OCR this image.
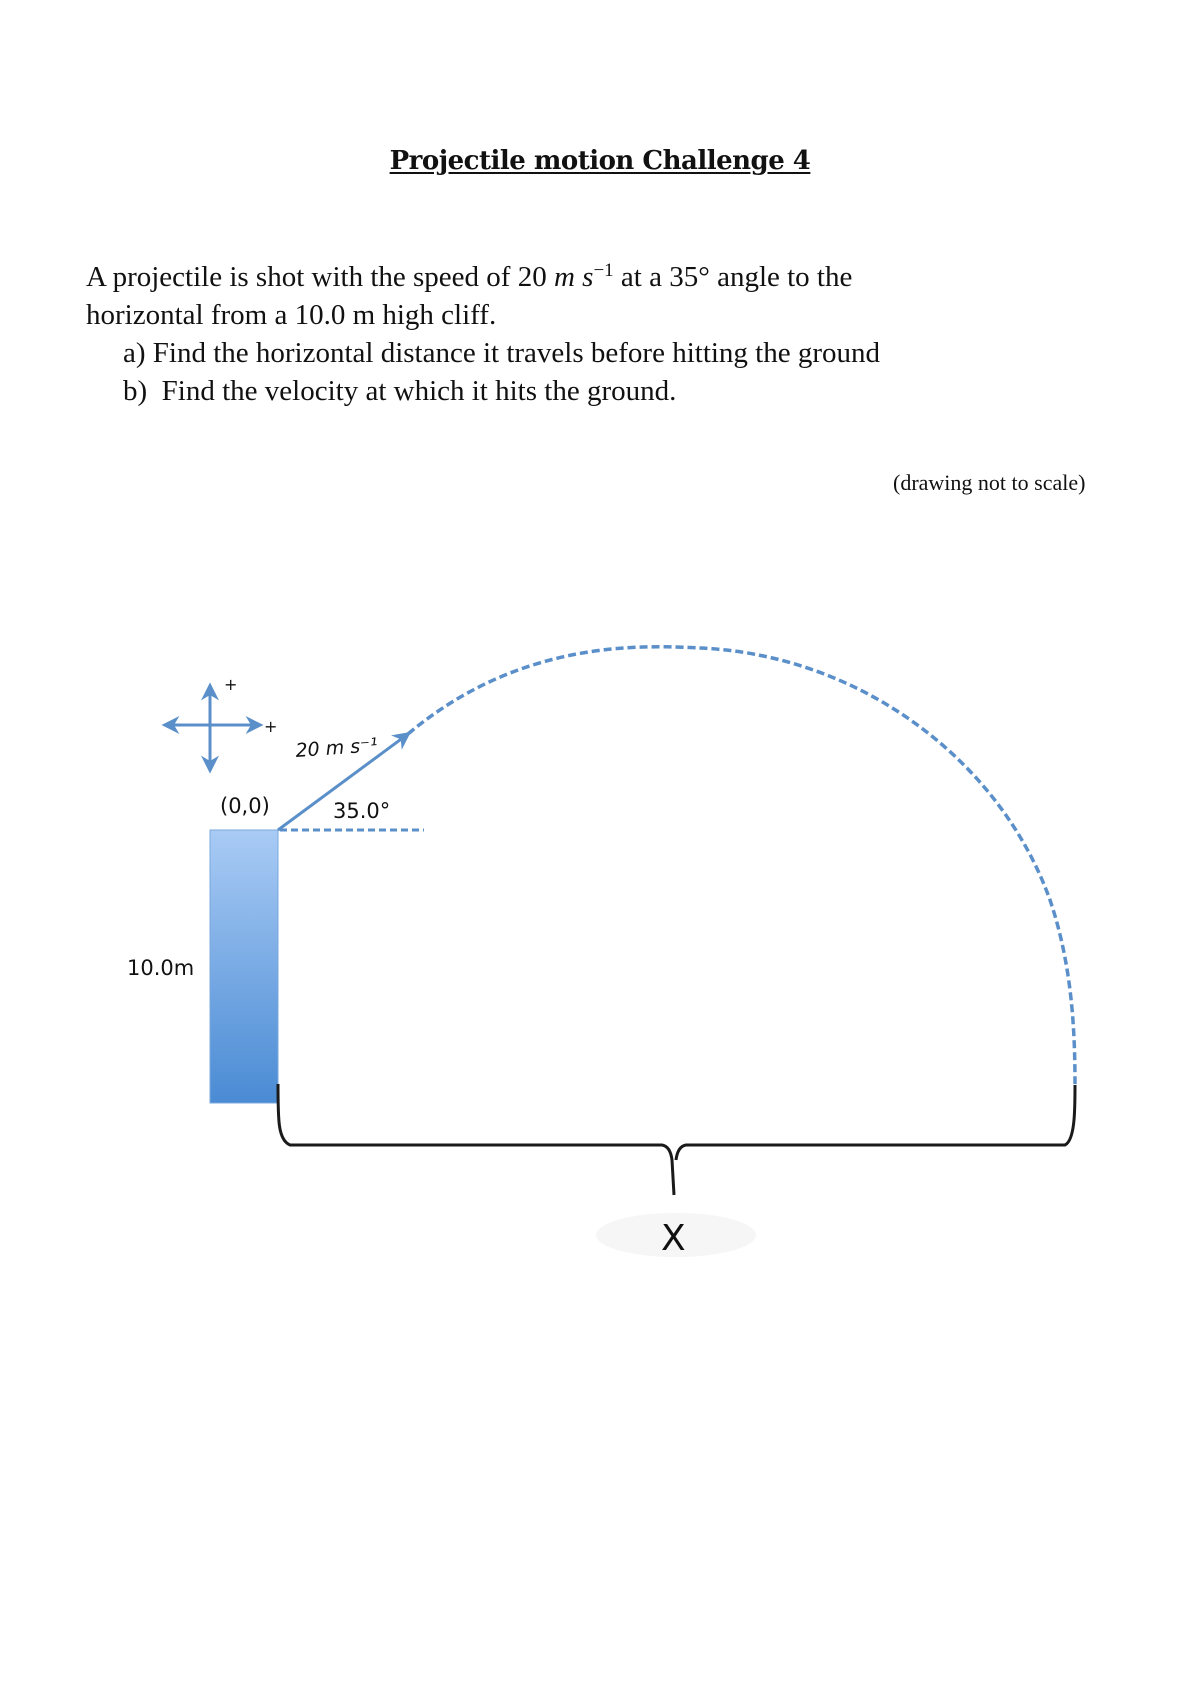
Projectile motion Challenge 4
A projectile is shot with the speed of 20 m $s^{-1}$ at a 35° angle to the
horizontal from a 10.0 m high cliff.
a) Find the horizontal distance it travels before hitting the ground
b) Find the velocity at which it hits the ground.
(drawing not to scale)
+
+
10.0m
(0,0)
20 m s⁻¹
35.0°
X
